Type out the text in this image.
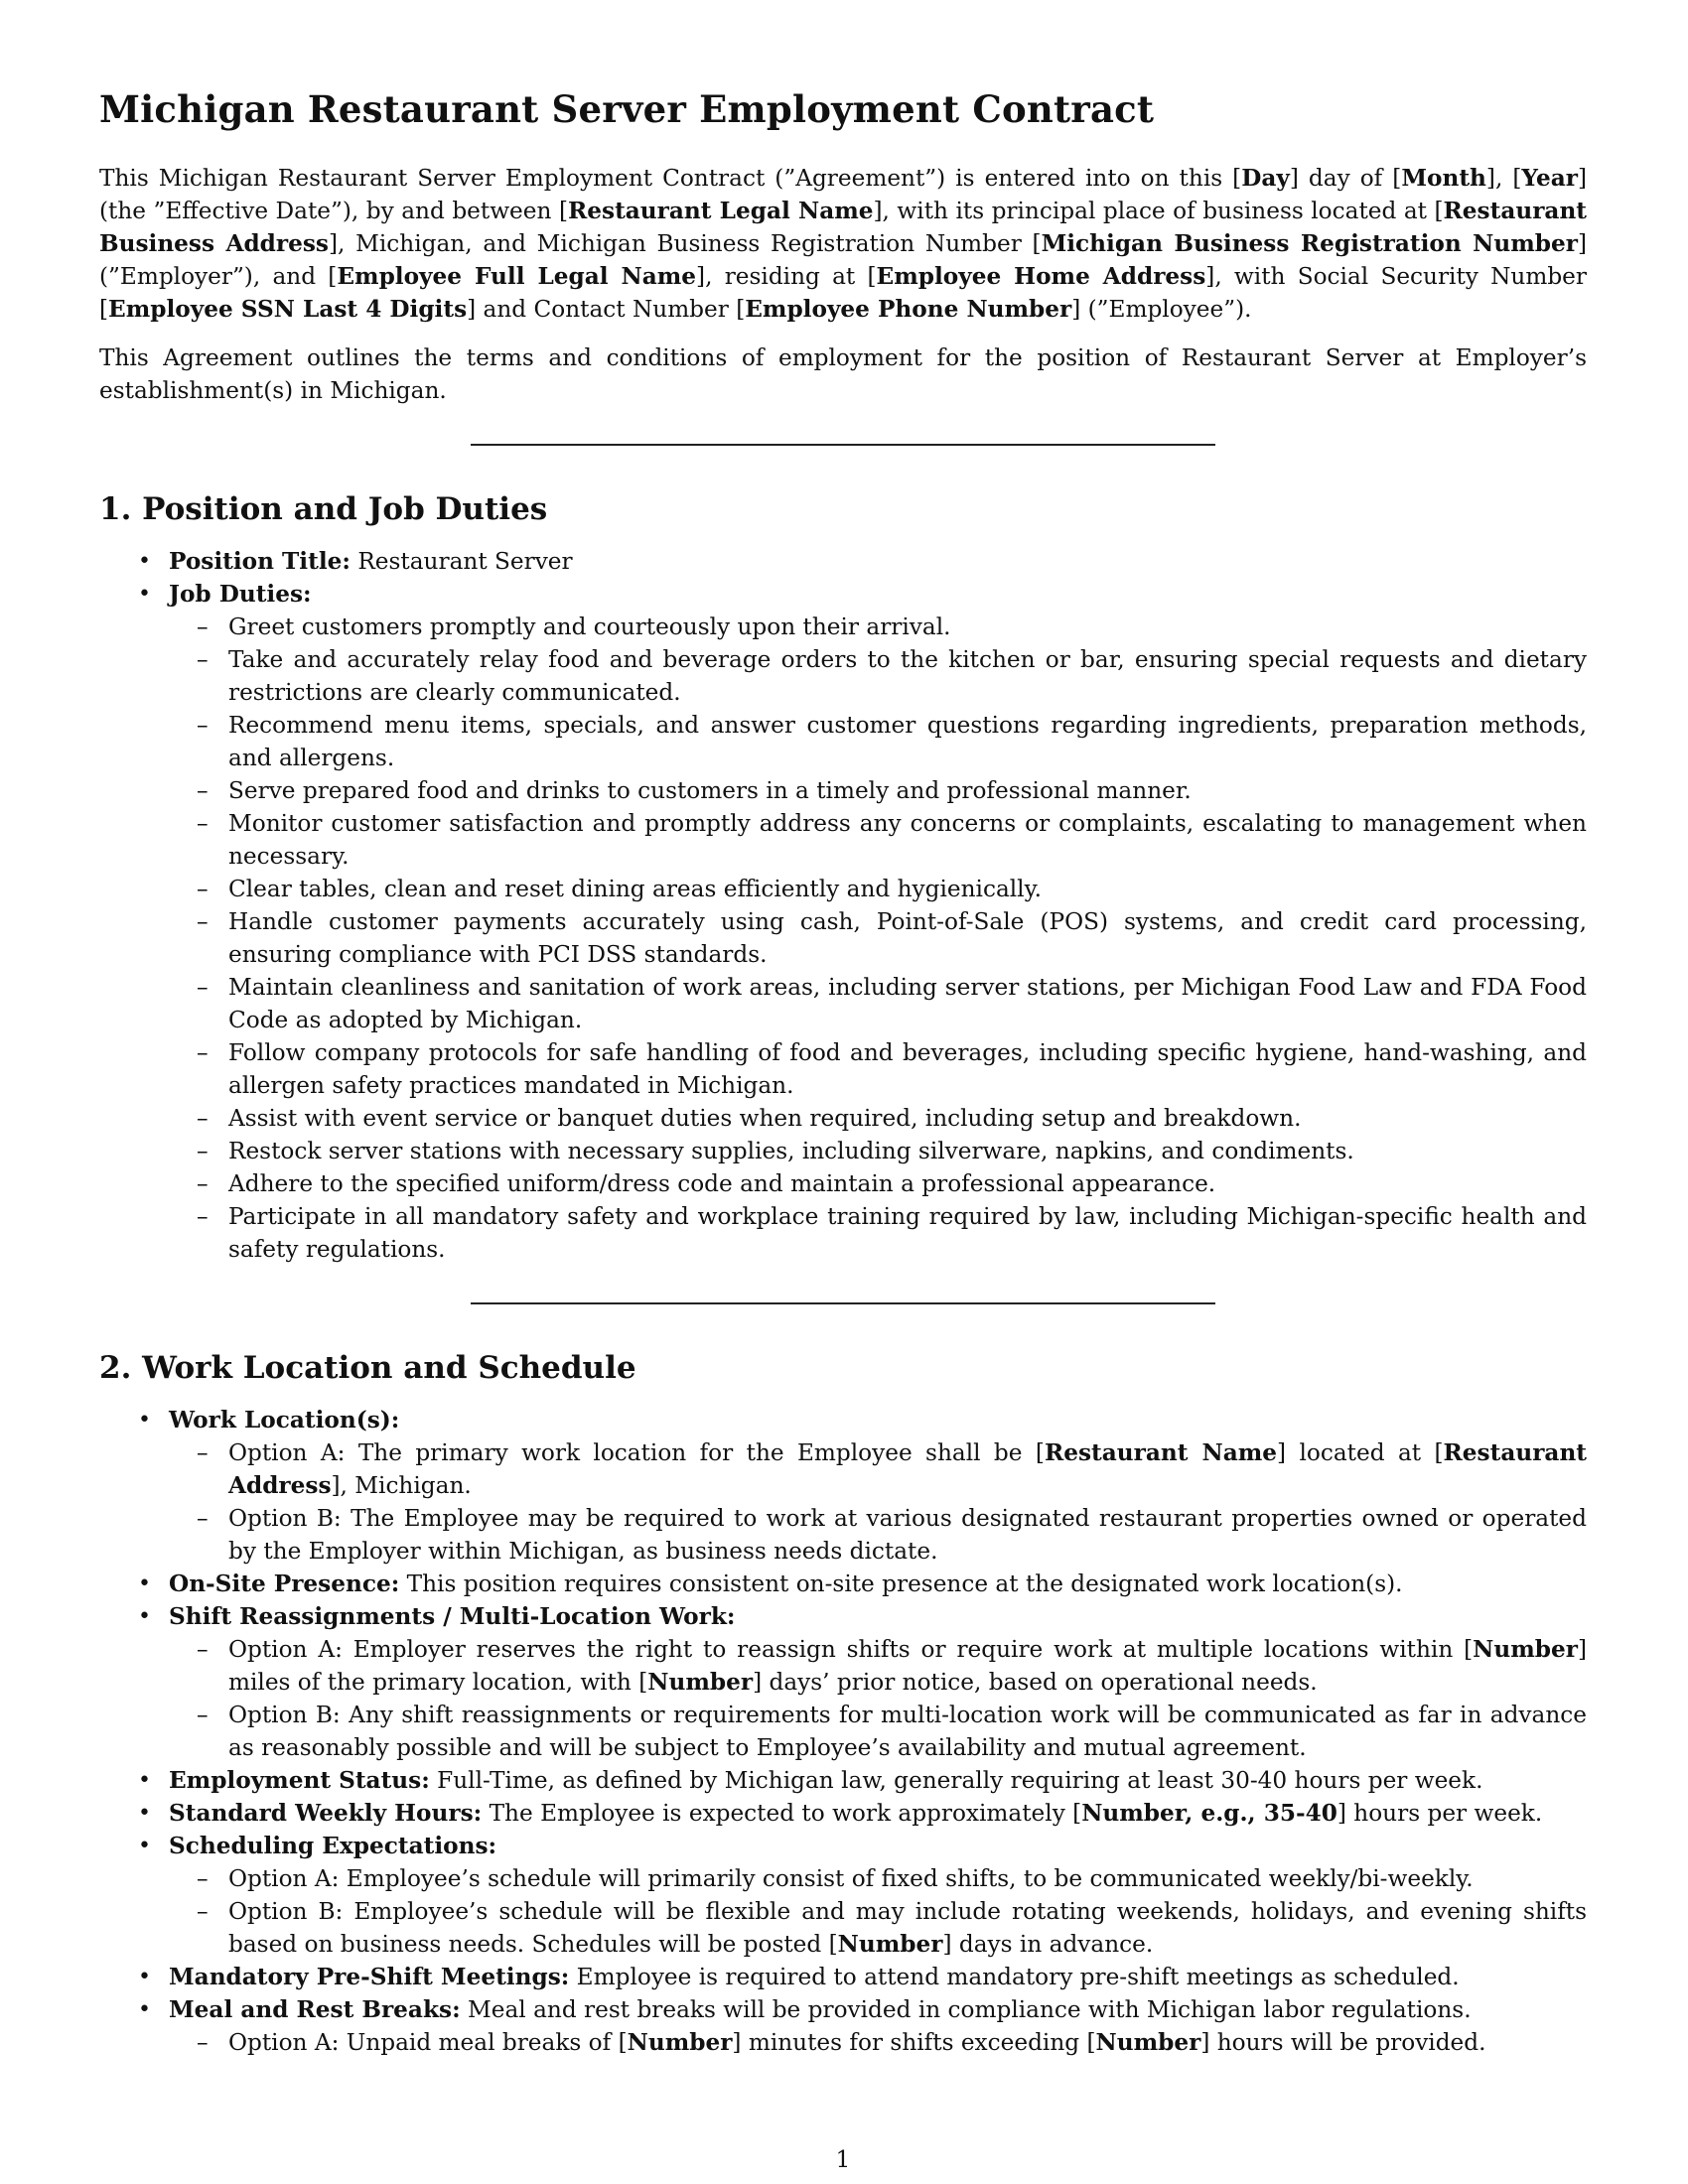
Michigan Restaurant Server Employment Contract

This Michigan Restaurant Server Employment Contract (”Agreement”) is entered into on this [Day] day of [Month], [Year] (the ”Effective Date”), by and between [Restaurant Legal Name], with its principal place of business located at [Restaurant Business Address], Michigan, and Michigan Business Registration Number [Michigan Business Registration Number] (”Employer”), and [Employee Full Legal Name], residing at [Employee Home Address], with Social Security Number [Employee SSN Last 4 Digits] and Contact Number [Employee Phone Number] (”Employee”).

This Agreement outlines the terms and conditions of employment for the position of Restaurant Server at Employer’s establishment(s) in Michigan.

1. Position and Job Duties
• Position Title: Restaurant Server
• Job Duties:
– Greet customers promptly and courteously upon their arrival.
– Take and accurately relay food and beverage orders to the kitchen or bar, ensuring special requests and dietary restrictions are clearly communicated.
– Recommend menu items, specials, and answer customer questions regarding ingredients, preparation methods, and allergens.
– Serve prepared food and drinks to customers in a timely and professional manner.
– Monitor customer satisfaction and promptly address any concerns or complaints, escalating to management when necessary.
– Clear tables, clean and reset dining areas efficiently and hygienically.
– Handle customer payments accurately using cash, Point-of-Sale (POS) systems, and credit card processing, ensuring compliance with PCI DSS standards.
– Maintain cleanliness and sanitation of work areas, including server stations, per Michigan Food Law and FDA Food Code as adopted by Michigan.
– Follow company protocols for safe handling of food and beverages, including specific hygiene, hand-washing, and allergen safety practices mandated in Michigan.
– Assist with event service or banquet duties when required, including setup and breakdown.
– Restock server stations with necessary supplies, including silverware, napkins, and condiments.
– Adhere to the specified uniform/dress code and maintain a professional appearance.
– Participate in all mandatory safety and workplace training required by law, including Michigan-specific health and safety regulations.
2. Work Location and Schedule
• Work Location(s):
– Option A: The primary work location for the Employee shall be [Restaurant Name] located at [Restaurant Address], Michigan.
– Option B: The Employee may be required to work at various designated restaurant properties owned or operated by the Employer within Michigan, as business needs dictate.
• On-Site Presence: This position requires consistent on-site presence at the designated work location(s).
• Shift Reassignments / Multi-Location Work:
– Option A: Employer reserves the right to reassign shifts or require work at multiple locations within [Number] miles of the primary location, with [Number] days’ prior notice, based on operational needs.
– Option B: Any shift reassignments or requirements for multi-location work will be communicated as far in advance as reasonably possible and will be subject to Employee’s availability and mutual agreement.
• Employment Status: Full-Time, as defined by Michigan law, generally requiring at least 30-40 hours per week.
• Standard Weekly Hours: The Employee is expected to work approximately [Number, e.g., 35-40] hours per week.
• Scheduling Expectations:
– Option A: Employee’s schedule will primarily consist of fixed shifts, to be communicated weekly/bi-weekly.
– Option B: Employee’s schedule will be flexible and may include rotating weekends, holidays, and evening shifts based on business needs. Schedules will be posted [Number] days in advance.
• Mandatory Pre-Shift Meetings: Employee is required to attend mandatory pre-shift meetings as scheduled.
• Meal and Rest Breaks: Meal and rest breaks will be provided in compliance with Michigan labor regulations.
– Option A: Unpaid meal breaks of [Number] minutes for shifts exceeding [Number] hours will be provided.
1
